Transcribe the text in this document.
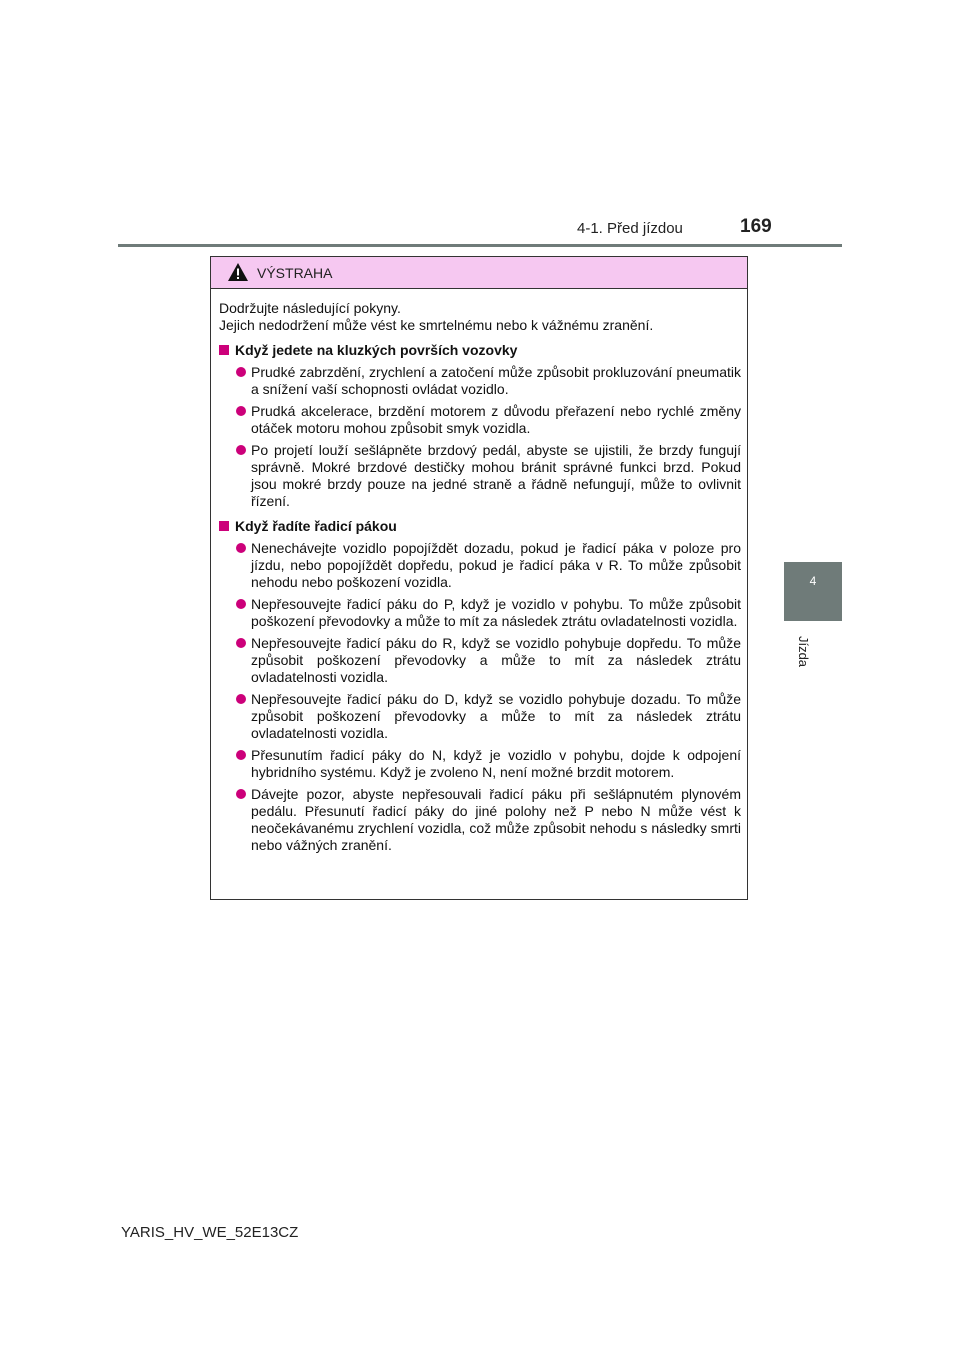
4-1. Před jízdou	169
4
Jízda
VÝSTRAHA

Dodržujte následující pokyny.

Jejich nedodržení může vést ke smrtelnému nebo k vážnému zranění.

Když jedete na kluzkých površích vozovky
Prudké zabrzdění, zrychlení a zatočení může způsobit prokluzování pneumatik a snížení vaší schopnosti ovládat vozidlo.
Prudká akcelerace, brzdění motorem z důvodu přeřazení nebo rychlé změny otáček motoru mohou způsobit smyk vozidla.
Po projetí louží sešlápněte brzdový pedál, abyste se ujistili, že brzdy fungují správně. Mokré brzdové destičky mohou bránit správné funkci brzd. Pokud jsou mokré brzdy pouze na jedné straně a řádně nefungují, může to ovlivnit řízení.
Když řadíte řadicí pákou
Nenechávejte vozidlo popojíždět dozadu, pokud je řadicí páka v poloze pro jízdu, nebo popojíždět dopředu, pokud je řadicí páka v R. To může způsobit nehodu nebo poškození vozidla.
Nepřesouvejte řadicí páku do P, když je vozidlo v pohybu. To může způsobit poškození převodovky a může to mít za následek ztrátu ovladatelnosti vozidla.
Nepřesouvejte řadicí páku do R, když se vozidlo pohybuje dopředu. To může způsobit poškození převodovky a může to mít za následek ztrátu ovladatelnosti vozidla.
Nepřesouvejte řadicí páku do D, když se vozidlo pohybuje dozadu. To může způsobit poškození převodovky a může to mít za následek ztrátu ovladatelnosti vozidla.
Přesunutím řadicí páky do N, když je vozidlo v pohybu, dojde k odpojení hybridního systému. Když je zvoleno N, není možné brzdit motorem.
Dávejte pozor, abyste nepřesouvali řadicí páku při sešlápnutém plynovém pedálu. Přesunutí řadicí páky do jiné polohy než P nebo N může vést k neočekávanému zrychlení vozidla, což může způsobit nehodu s následky smrti nebo vážných zranění.
YARIS_HV_WE_52E13CZ
